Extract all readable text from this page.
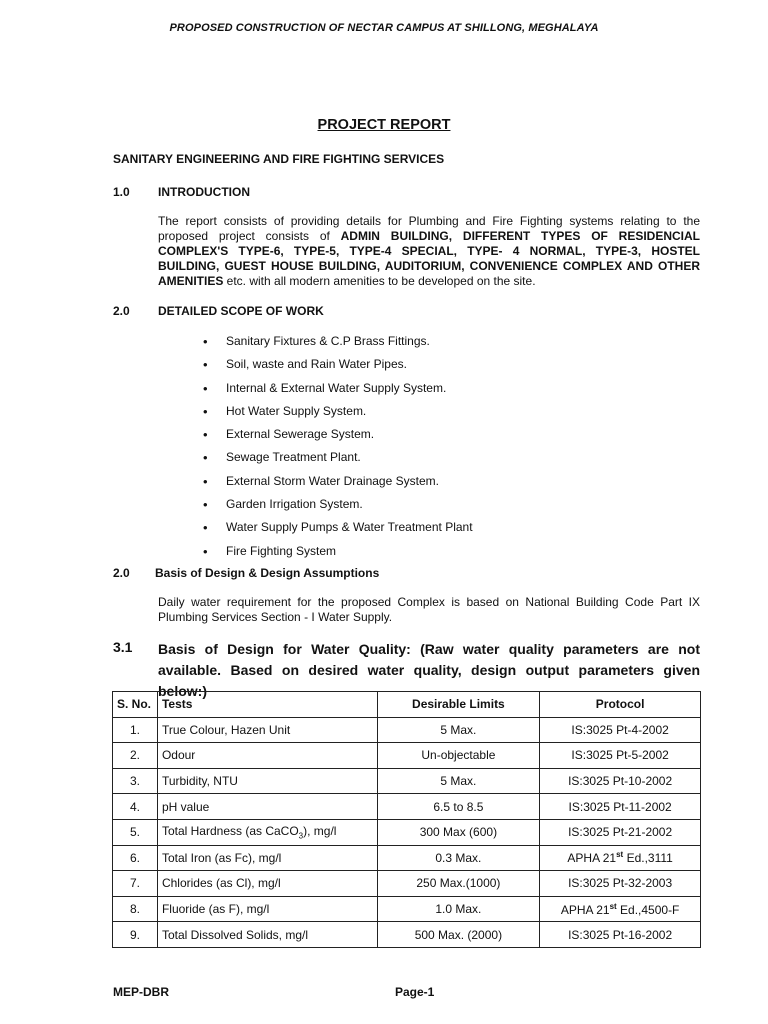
PROPOSED CONSTRUCTION OF NECTAR CAMPUS AT SHILLONG, MEGHALAYA
PROJECT REPORT
SANITARY ENGINEERING AND FIRE FIGHTING SERVICES
1.0 INTRODUCTION
The report consists of providing details for Plumbing and Fire Fighting systems relating to the proposed project consists of ADMIN BUILDING, DIFFERENT TYPES OF RESIDENCIAL COMPLEX'S TYPE-6, TYPE-5, TYPE-4 SPECIAL, TYPE- 4 NORMAL, TYPE-3, HOSTEL BUILDING, GUEST HOUSE BUILDING, AUDITORIUM, CONVENIENCE COMPLEX AND OTHER AMENITIES etc. with all modern amenities to be developed on the site.
2.0 DETAILED SCOPE OF WORK
• Sanitary Fixtures & C.P Brass Fittings.
• Soil, waste and Rain Water Pipes.
• Internal & External Water Supply System.
• Hot Water Supply System.
• External Sewerage System.
• Sewage Treatment Plant.
• External Storm Water Drainage System.
• Garden Irrigation System.
• Water Supply Pumps & Water Treatment Plant
• Fire Fighting System
2.0 Basis of Design & Design Assumptions
Daily water requirement for the proposed Complex is based on National Building Code Part IX Plumbing Services Section - I Water Supply.
3.1 Basis of Design for Water Quality: (Raw water quality parameters are not available. Based on desired water quality, design output parameters given below:)
S. No.	Tests	Desirable Limits	Protocol
1.	True Colour, Hazen Unit	5 Max.	IS:3025 Pt-4-2002
2.	Odour	Un-objectable	IS:3025 Pt-5-2002
3.	Turbidity, NTU	5 Max.	IS:3025 Pt-10-2002
4.	pH value	6.5 to 8.5	IS:3025 Pt-11-2002
5.	Total Hardness (as CaCO$_3$), mg/l	300 Max (600)	IS:3025 Pt-21-2002
6.	Total Iron (as Fc), mg/l	0.3 Max.	APHA 21st Ed.,3111
7.	Chlorides (as Cl), mg/l	250 Max.(1000)	IS:3025 Pt-32-2003
8.	Fluoride (as F), mg/l	1.0 Max.	APHA 21st Ed.,4500-F
9.	Total Dissolved Solids, mg/l	500 Max. (2000)	IS:3025 Pt-16-2002
MEP-DBR	Page-1
